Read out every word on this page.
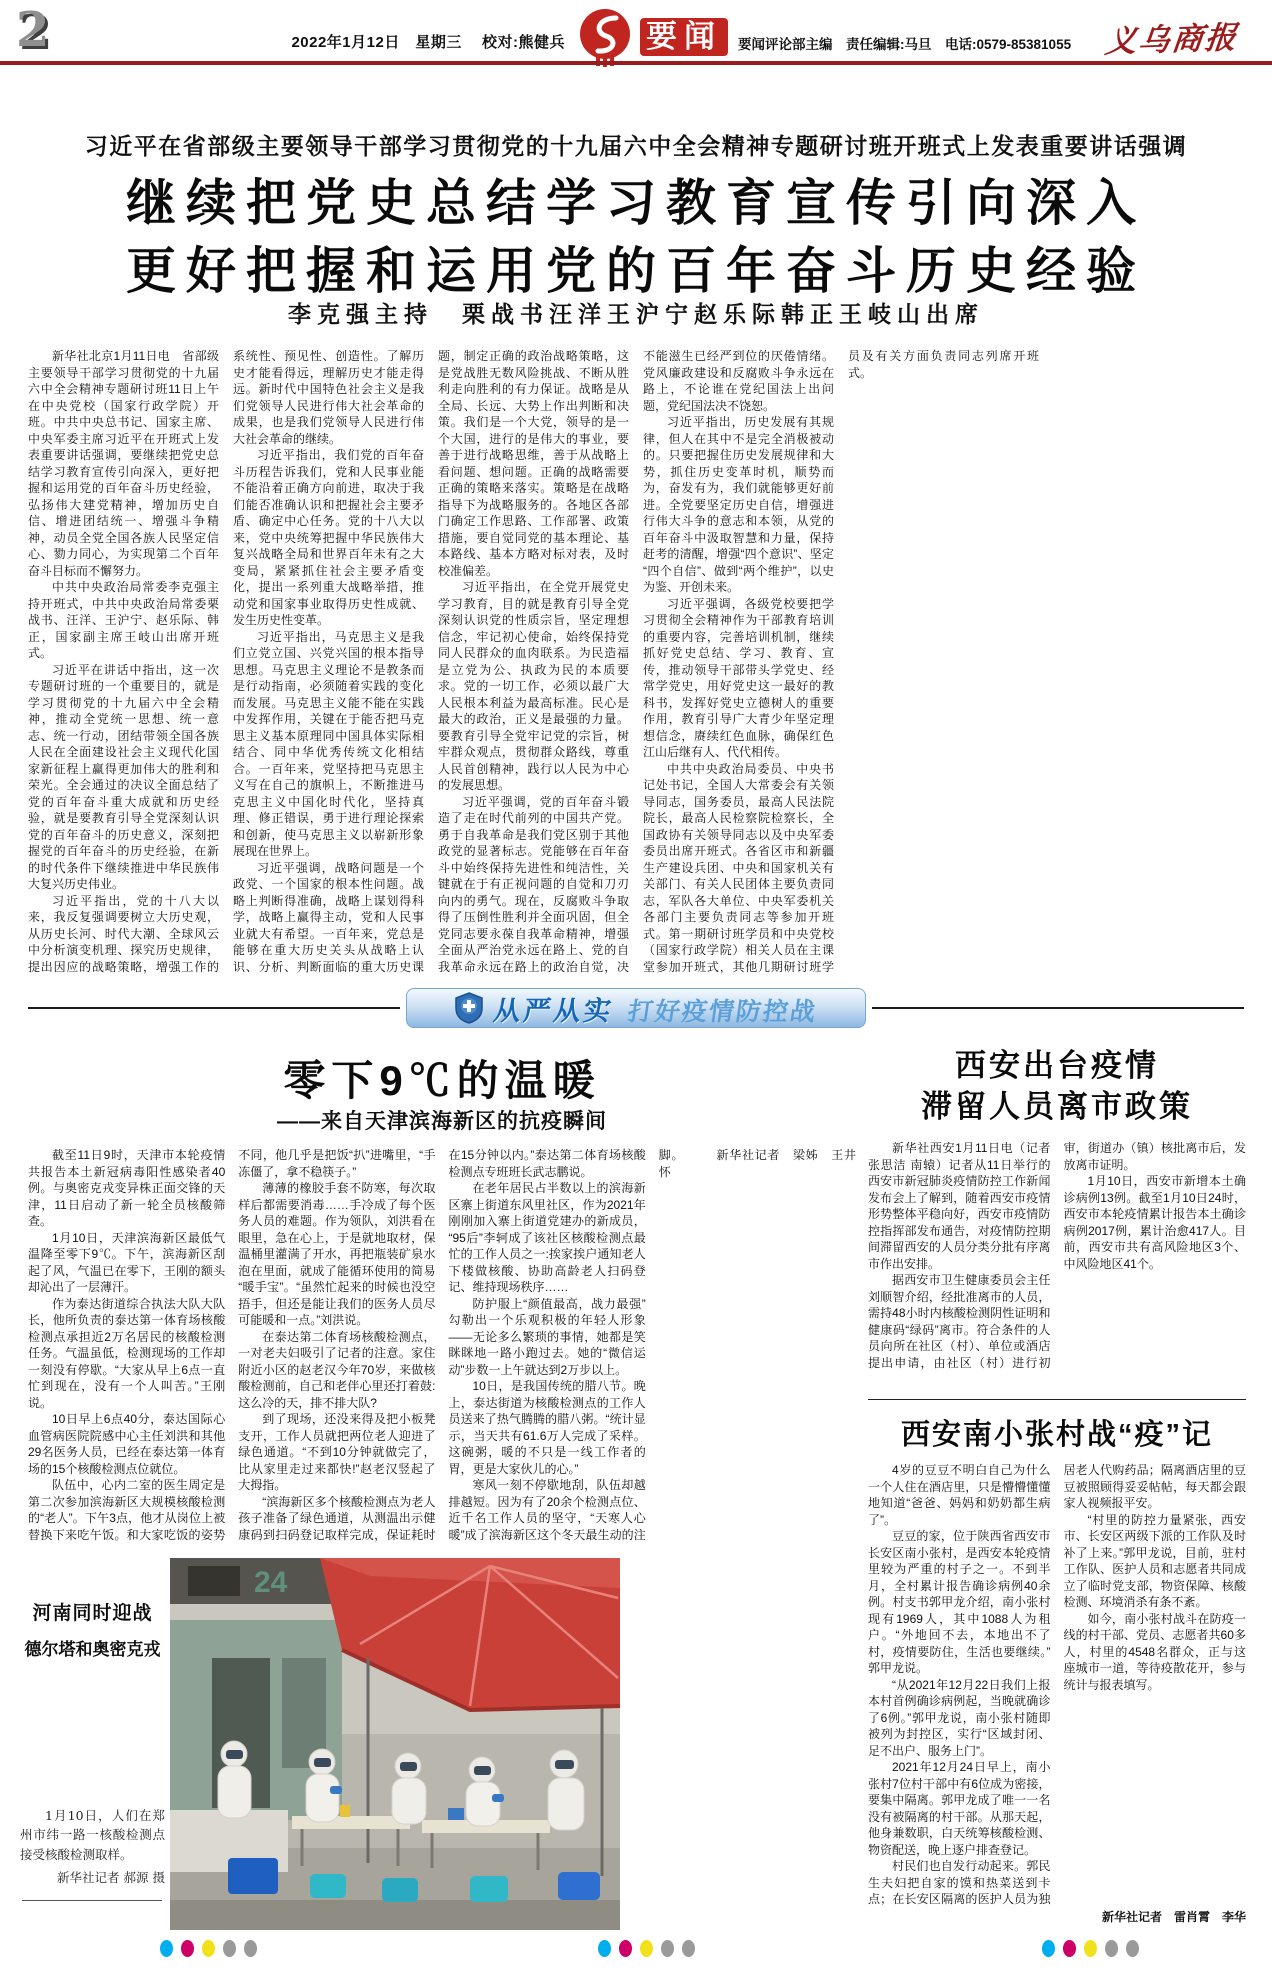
2	2022年1月12日　星期三　 校对:熊健兵	要闻	要闻评论部主编　责任编辑:马旦　电话:0579-85381055 义乌商报
习近平在省部级主要领导干部学习贯彻党的十九届六中全会精神专题研讨班开班式上发表重要讲话强调
继续把党史总结学习教育宣传引向深入
更好把握和运用党的百年奋斗历史经验
李克强主持　栗战书汪洋王沪宁赵乐际韩正王岐山出席

新华社北京1月11日电　省部级主要领导干部学习贯彻党的十九届六中全会精神专题研讨班11日上午在中央党校（国家行政学院）开班。中共中央总书记、国家主席、中央军委主席习近平在开班式上发表重要讲话强调，要继续把党史总结学习教育宣传引向深入，更好把握和运用党的百年奋斗历史经验，弘扬伟大建党精神，增加历史自信、增进团结统一、增强斗争精神，动员全党全国各族人民坚定信心、勠力同心，为实现第二个百年奋斗目标而不懈努力。

中共中央政治局常委李克强主持开班式，中共中央政治局常委栗战书、汪洋、王沪宁、赵乐际、韩正，国家副主席王岐山出席开班式。

习近平在讲话中指出，这一次专题研讨班的一个重要目的，就是学习贯彻党的十九届六中全会精神，推动全党统一思想、统一意志、统一行动，团结带领全国各族人民在全面建设社会主义现代化国家新征程上赢得更加伟大的胜利和荣光。全会通过的决议全面总结了党的百年奋斗重大成就和历史经验，就是要教育引导全党深刻认识党的百年奋斗的历史意义，深刻把握党的百年奋斗的历史经验，在新的时代条件下继续推进中华民族伟大复兴历史伟业。

习近平指出，党的十八大以来，我反复强调要树立大历史观，从历史长河、时代大潮、全球风云中分析演变机理、探究历史规律，提出因应的战略策略，增强工作的系统性、预见性、创造性。了解历史才能看得远，理解历史才能走得远。新时代中国特色社会主义是我们党领导人民进行伟大社会革命的成果，也是我们党领导人民进行伟大社会革命的继续。

习近平指出，我们党的百年奋斗历程告诉我们，党和人民事业能不能沿着正确方向前进，取决于我们能否准确认识和把握社会主要矛盾、确定中心任务。党的十八大以来，党中央统筹把握中华民族伟大复兴战略全局和世界百年未有之大变局，紧紧抓住社会主要矛盾变化，提出一系列重大战略举措，推动党和国家事业取得历史性成就、发生历史性变革。

习近平指出，马克思主义是我们立党立国、兴党兴国的根本指导思想。马克思主义理论不是教条而是行动指南，必须随着实践的变化而发展。马克思主义能不能在实践中发挥作用，关键在于能否把马克思主义基本原理同中国具体实际相结合、同中华优秀传统文化相结合。一百年来，党坚持把马克思主义写在自己的旗帜上，不断推进马克思主义中国化时代化，坚持真理、修正错误，勇于进行理论探索和创新，使马克思主义以崭新形象展现在世界上。

习近平强调，战略问题是一个政党、一个国家的根本性问题。战略上判断得准确，战略上谋划得科学，战略上赢得主动，党和人民事业就大有希望。一百年来，党总是能够在重大历史关头从战略上认识、分析、判断面临的重大历史课题，制定正确的政治战略策略，这是党战胜无数风险挑战、不断从胜利走向胜利的有力保证。战略是从全局、长远、大势上作出判断和决策。我们是一个大党，领导的是一个大国，进行的是伟大的事业，要善于进行战略思维，善于从战略上看问题、想问题。正确的战略需要正确的策略来落实。策略是在战略指导下为战略服务的。各地区各部门确定工作思路、工作部署、政策措施，要自觉同党的基本理论、基本路线、基本方略对标对表，及时校准偏差。

习近平指出，在全党开展党史学习教育，目的就是教育引导全党深刻认识党的性质宗旨，坚定理想信念，牢记初心使命，始终保持党同人民群众的血肉联系。为民造福是立党为公、执政为民的本质要求。党的一切工作，必须以最广大人民根本利益为最高标准。民心是最大的政治，正义是最强的力量。要教育引导全党牢记党的宗旨，树牢群众观点，贯彻群众路线，尊重人民首创精神，践行以人民为中心的发展思想。

习近平强调，党的百年奋斗锻造了走在时代前列的中国共产党。勇于自我革命是我们党区别于其他政党的显著标志。党能够在百年奋斗中始终保持先进性和纯洁性，关键就在于有正视问题的自觉和刀刃向内的勇气。现在，反腐败斗争取得了压倒性胜利并全面巩固，但全党同志要永葆自我革命精神，增强全面从严治党永远在路上、党的自我革命永远在路上的政治自觉，决不能滋生已经严到位的厌倦情绪。党风廉政建设和反腐败斗争永远在路上，不论谁在党纪国法上出问题，党纪国法决不饶恕。

习近平指出，历史发展有其规律，但人在其中不是完全消极被动的。只要把握住历史发展规律和大势，抓住历史变革时机，顺势而为，奋发有为，我们就能够更好前进。全党要坚定历史自信，增强进行伟大斗争的意志和本领，从党的百年奋斗中汲取智慧和力量，保持赶考的清醒，增强“四个意识”、坚定“四个自信”、做到“两个维护”，以史为鉴、开创未来。

习近平强调，各级党校要把学习贯彻全会精神作为干部教育培训的重要内容，完善培训机制，继续抓好党史总结、学习、教育、宣传，推动领导干部带头学党史、经常学党史，用好党史这一最好的教科书，发挥好党史立德树人的重要作用，教育引导广大青少年坚定理想信念，赓续红色血脉，确保红色江山后继有人、代代相传。

中共中央政治局委员、中央书记处书记，全国人大常委会有关领导同志，国务委员，最高人民法院院长，最高人民检察院检察长，全国政协有关领导同志以及中央军委委员出席开班式。各省区市和新疆生产建设兵团、中央和国家机关有关部门、有关人民团体主要负责同志，军队各大单位、中央军委机关各部门主要负责同志等参加开班式。第一期研讨班学员和中央党校（国家行政学院）相关人员在主课堂参加开班式，其他几期研讨班学员及有关方面负责同志列席开班式。

从严从实 打好疫情防控战
零下9℃的温暖
——来自天津滨海新区的抗疫瞬间

截至11日9时，天津市本轮疫情共报告本土新冠病毒阳性感染者40例。与奥密克戎变异株正面交锋的天津，11日启动了新一轮全员核酸筛查。

1月10日，天津滨海新区最低气温降至零下9℃。下午，滨海新区刮起了风，气温已在零下，王刚的额头却沁出了一层薄汗。

作为泰达街道综合执法大队大队长，他所负责的泰达第一体育场核酸检测点承担近2万名居民的核酸检测任务。气温虽低，检测现场的工作却一刻没有停歇。“大家从早上6点一直忙到现在，没有一个人叫苦。”王刚说。

10日早上6点40分，泰达国际心血管病医院院感中心主任刘洪和其他29名医务人员，已经在泰达第一体育场的15个核酸检测点位就位。

队伍中，心内二室的医生周定是第二次参加滨海新区大规模核酸检测的“老人”。下午3点，他才从岗位上被替换下来吃午饭。和大家吃饭的姿势不同，他几乎是把饭“扒”进嘴里，“手冻僵了，拿不稳筷子。”

薄薄的橡胶手套不防寒，每次取样后都需要消毒……手冷成了每个医务人员的难题。作为领队，刘洪看在眼里，急在心上，于是就地取材，保温桶里灌满了开水，再把瓶装矿泉水泡在里面，就成了能循环使用的简易“暖手宝”。“虽然忙起来的时候也没空捂手，但还是能让我们的医务人员尽可能暖和一点。”刘洪说。

在泰达第二体育场核酸检测点，一对老夫妇吸引了记者的注意。家住附近小区的赵老汉今年70岁，来做核酸检测前，自己和老伴心里还打着鼓:这么冷的天，排不排大队?

到了现场，还没来得及把小板凳支开，工作人员就把两位老人迎进了绿色通道。“不到10分钟就做完了，比从家里走过来都快!”赵老汉竖起了大拇指。

“滨海新区多个核酸检测点为老人孩子准备了绿色通道，从测温出示健康码到扫码登记取样完成，保证耗时在15分钟以内。”泰达第二体育场核酸检测点专班班长武志鹏说。

在老年居民占半数以上的滨海新区寨上街道东风里社区，作为2021年刚刚加入寨上街道党建办的新成员，“95后”李轲成了该社区核酸检测点最忙的工作人员之一:挨家挨户通知老人下楼做核酸、协助高龄老人扫码登记、维持现场秩序……

防护服上“颜值最高，战力最强”勾勒出一个乐观积极的年轻人形象——无论多么繁琐的事情，她都是笑眯眯地一路小跑过去。她的“微信运动”步数一上午就达到2万步以上。

10日，是我国传统的腊八节。晚上，泰达街道为核酸检测点的工作人员送来了热气腾腾的腊八粥。“统计显示，当天共有61.6万人完成了采样。这碗粥，暖的不只是一线工作者的胃，更是大家伙儿的心。”

寒风一刻不停歇地刮，队伍却越排越短。因为有了20余个检测点位、近千名工作人员的坚守，“天寒人心暖”成了滨海新区这个冬天最生动的注脚。　　　新华社记者　梁姊　王井怀

河南同时迎战
德尔塔和奥密克戎

1月10日，人们在郑州市纬一路一核酸检测点接受核酸检测取样。

新华社记者 郝源 摄

24
西安出台疫情
滞留人员离市政策

新华社西安1月11日电（记者 张思洁 南辕）记者从11日举行的西安市新冠肺炎疫情防控工作新闻发布会上了解到，随着西安市疫情形势整体平稳向好，西安市疫情防控指挥部发布通告，对疫情防控期间滞留西安的人员分类分批有序离市作出安排。

据西安市卫生健康委员会主任刘顺智介绍，经批准离市的人员，需持48小时内核酸检测阴性证明和健康码“绿码”离市。符合条件的人员向所在社区（村）、单位或酒店提出申请，由社区（村）进行初审，街道办（镇）核批离市后，发放离市证明。

1月10日，西安市新增本土确诊病例13例。截至1月10日24时，西安市本轮疫情累计报告本土确诊病例2017例，累计治愈417人。目前，西安市共有高风险地区3个、中风险地区41个。

西安南小张村战“疫”记

4岁的豆豆不明白自己为什么一个人住在酒店里，只是懵懵懂懂地知道“爸爸、妈妈和奶奶都生病了”。

豆豆的家，位于陕西省西安市长安区南小张村，是西安本轮疫情里较为严重的村子之一。不到半月，全村累计报告确诊病例40余例。村支书郭甲龙介绍，南小张村现有1969人，其中1088人为租户。“外地回不去，本地出不了村，疫情要防住，生活也要继续。”郭甲龙说。

“从2021年12月22日我们上报本村首例确诊病例起，当晚就确诊了6例。”郭甲龙说，南小张村随即被列为封控区，实行“区域封闭、足不出户、服务上门”。

2021年12月24日早上，南小张村7位村干部中有6位成为密接，要集中隔离。郭甲龙成了唯一一名没有被隔离的村干部。从那天起，他身兼数职，白天统筹核酸检测、物资配送，晚上逐户排查登记。

村民们也自发行动起来。郭民生夫妇把自家的馍和热菜送到卡点；在长安区隔离的医护人员为独居老人代购药品；隔离酒店里的豆豆被照顾得妥妥帖帖，每天都会跟家人视频报平安。

“村里的防控力量紧张，西安市、长安区两级下派的工作队及时补了上来。”郭甲龙说，目前，驻村工作队、医护人员和志愿者共同成立了临时党支部，物资保障、核酸检测、环境消杀有条不紊。

如今，南小张村战斗在防疫一线的村干部、党员、志愿者共60多人，村里的4548名群众，正与这座城市一道，等待疫散花开，参与统计与报表填写。

新华社记者　雷肖霄　李华
